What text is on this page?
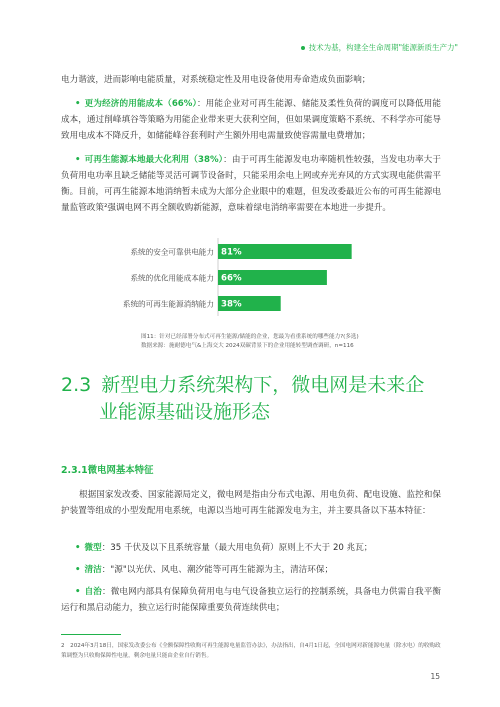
技术为基，构建全生命周期"能源新质生产力"

电力谐波，进而影响电能质量，对系统稳定性及用电设备使用寿命造成负面影响；

• 更为经济的用能成本（66%）：用能企业对可再生能源、储能及柔性负荷的调度可以降低用能成本，通过削峰填谷等策略为用能企业带来更大获利空间，但如果调度策略不系统、不科学亦可能导致用电成本不降反升，如储能峰谷套利时产生额外用电需量致使容需量电费增加；

• 可再生能源本地最大化利用（38%）：由于可再生能源发电功率随机性较强，当发电功率大于负荷用电功率且缺乏储能等灵活可调节设备时，只能采用余电上网或弃光弃风的方式实现电能供需平衡。目前，可再生能源本地消纳暂未成为大部分企业眼中的难题，但发改委最近公布的可再生能源电量监管政策²强调电网不再全额收购新能源，意味着绿电消纳率需要在本地进一步提升。

系统的安全可靠供电能力 81%
系统的优化用能成本能力 66%
系统的可再生能源消纳能力 38%
图11：针对已经部署分布式可再生能源/储能的企业，您最为看重系统的哪些能力?(多选)
数据来源：施耐德电气&上海交大 2024双碳背景下的企业用能转型调查调研，n=116
2.3 新型电力系统架构下，微电网是未来企
业能源基础设施形态
2.3.1微电网基本特征

根据国家发改委、国家能源局定义，微电网是指由分布式电源、用电负荷、配电设施、监控和保护装置等组成的小型发配用电系统，电源以当地可再生能源发电为主，并主要具备以下基本特征：

• 微型：35 千伏及以下且系统容量（最大用电负荷）原则上不大于 20 兆瓦；

• 清洁："源"以光伏、风电、潮汐能等可再生能源为主，清洁环保；

• 自治：微电网内部具有保障负荷用电与电气设备独立运行的控制系统，具备电力供需自我平衡运行和黑启动能力，独立运行时能保障重要负荷连续供电；

2　2024年3月18日，国家发改委公布《全额保障性收购可再生能源电量监管办法》，办法指出，自4月1日起，全国电网对新能源电量（除水电）的收购政策调整为只收购保障性电量，剩余电量只能由企业自行销售。

15
